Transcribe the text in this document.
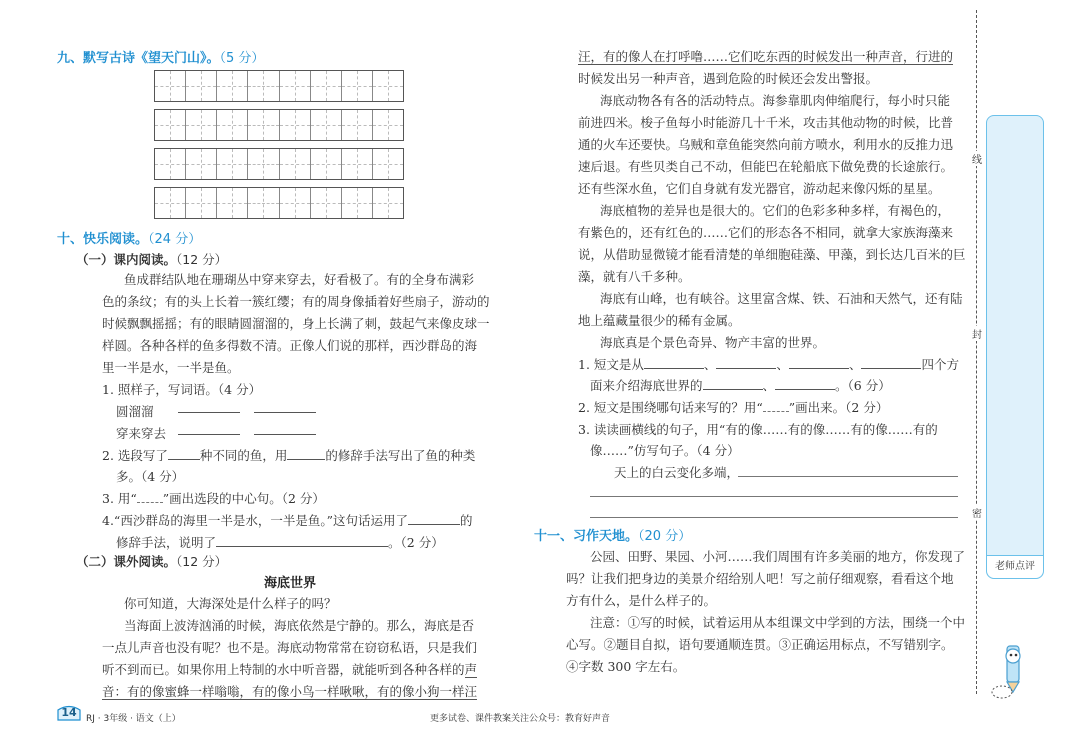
九、默写古诗《望天门山》。（5 分）
十、快乐阅读。（24 分）
（一）课内阅读。（12 分）
鱼成群结队地在珊瑚丛中穿来穿去，好看极了。有的全身布满彩
色的条纹；有的头上长着一簇红缨；有的周身像插着好些扇子，游动的
时候飘飘摇摇；有的眼睛圆溜溜的，身上长满了刺，鼓起气来像皮球一
样圆。各种各样的鱼多得数不清。正像人们说的那样，西沙群岛的海
里一半是水，一半是鱼。
1. 照样子，写词语。（4 分）
圆溜溜
穿来穿去
2. 选段写了	种不同的鱼，用	的修辞手法写出了鱼的种类
多。（4 分）
3. 用“ ”画出选段的中心句。（2 分）
4.“西沙群岛的海里一半是水，一半是鱼。”这句话运用了	的
修辞手法，说明了	。（2 分）
（二）课外阅读。（12 分）
海底世界
你可知道，大海深处是什么样子的吗？
当海面上波涛汹涌的时候，海底依然是宁静的。那么，海底是否
一点儿声音也没有呢？也不是。海底动物常常在窃窃私语，只是我们
听不到而已。如果你用上特制的水中听音器，就能听到各种各样的声
音：有的像蜜蜂一样嗡嗡，有的像小鸟一样啾啾，有的像小狗一样汪
14	RJ · 3年级 · 语文（上）
汪，有的像人在打呼噜……它们吃东西的时候发出一种声音，行进的
时候发出另一种声音，遇到危险的时候还会发出警报。
海底动物各有各的活动特点。海参靠肌肉伸缩爬行，每小时只能
前进四米。梭子鱼每小时能游几十千米，攻击其他动物的时候，比普
通的火车还要快。乌贼和章鱼能突然向前方喷水，利用水的反推力迅
速后退。有些贝类自己不动，但能巴在轮船底下做免费的长途旅行。
还有些深水鱼，它们自身就有发光器官，游动起来像闪烁的星星。
海底植物的差异也是很大的。它们的色彩多种多样，有褐色的，
有紫色的，还有红色的……它们的形态各不相同，就拿大家族海藻来
说，从借助显微镜才能看清楚的单细胞硅藻、甲藻，到长达几百米的巨
藻，就有八千多种。
海底有山峰，也有峡谷。这里富含煤、铁、石油和天然气，还有陆
地上蕴藏量很少的稀有金属。
海底真是个景色奇异、物产丰富的世界。
1. 短文是从	、	、	、	四个方
面来介绍海底世界的	、	。（6 分）
2. 短文是围绕哪句话来写的？用“ ”画出来。（2 分）
3. 读读画横线的句子，用“有的像……有的像……有的像……有的
像……”仿写句子。（4 分）
天上的白云变化多端，
十一、习作天地。（20 分）
公园、田野、果园、小河……我们周围有许多美丽的地方，你发现了
吗？让我们把身边的美景介绍给别人吧！写之前仔细观察，看看这个地
方有什么，是什么样子的。
注意：①写的时候，试着运用从本组课文中学到的方法，围绕一个中
心写。②题目自拟，语句要通顺连贯。③正确运用标点，不写错别字。
④字数 300 字左右。
更多试卷、课件教案关注公众号：教育好声音
线
封
密
老师点评
